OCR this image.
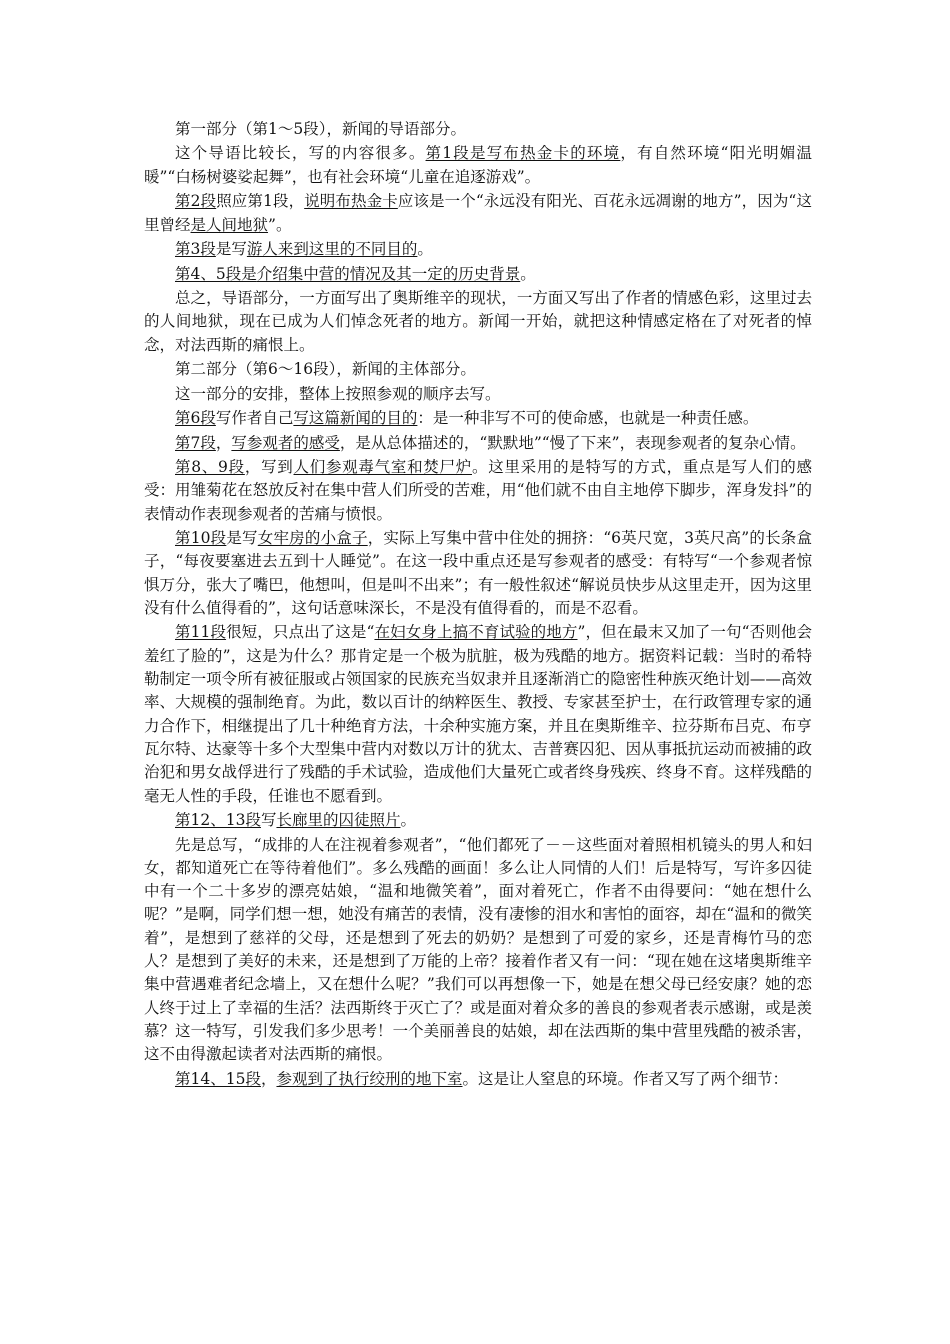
第一部分（第1～5段），新闻的导语部分。

这个导语比较长，写的内容很多。第1段是写布热金卡的环境，有自然环境“阳光明媚温暖”“白杨树婆娑起舞”，也有社会环境“儿童在追逐游戏”。

第2段照应第1段，说明布热金卡应该是一个“永远没有阳光、百花永远凋谢的地方”，因为“这里曾经是人间地狱”。

第3段是写游人来到这里的不同目的。

第4、5段是介绍集中营的情况及其一定的历史背景。

总之，导语部分，一方面写出了奥斯维辛的现状，一方面又写出了作者的情感色彩，这里过去的人间地狱，现在已成为人们悼念死者的地方。新闻一开始，就把这种情感定格在了对死者的悼念，对法西斯的痛恨上。

第二部分（第6～16段），新闻的主体部分。

这一部分的安排，整体上按照参观的顺序去写。

第6段写作者自己写这篇新闻的目的：是一种非写不可的使命感，也就是一种责任感。

第7段，写参观者的感受，是从总体描述的，“默默地”“慢了下来”，表现参观者的复杂心情。

第8、9段，写到人们参观毒气室和焚尸炉。这里采用的是特写的方式，重点是写人们的感受：用雏菊花在怒放反衬在集中营人们所受的苦难，用“他们就不由自主地停下脚步，浑身发抖”的表情动作表现参观者的苦痛与愤恨。

第10段是写女牢房的小盒子，实际上写集中营中住处的拥挤：“6英尺宽，3英尺高”的长条盒子，“每夜要塞进去五到十人睡觉”。在这一段中重点还是写参观者的感受：有特写“一个参观者惊惧万分，张大了嘴巴，他想叫，但是叫不出来”；有一般性叙述“解说员快步从这里走开，因为这里没有什么值得看的”，这句话意味深长，不是没有值得看的，而是不忍看。

第11段很短，只点出了这是“在妇女身上搞不育试验的地方”，但在最末又加了一句“否则他会羞红了脸的”，这是为什么？那肯定是一个极为肮脏，极为残酷的地方。据资料记载：当时的希特勒制定一项令所有被征服或占领国家的民族充当奴隶并且逐渐消亡的隐密性种族灭绝计划——高效率、大规模的强制绝育。为此，数以百计的纳粹医生、教授、专家甚至护士，在行政管理专家的通力合作下，相继提出了几十种绝育方法，十余种实施方案，并且在奥斯维辛、拉芬斯布吕克、布亨瓦尔特、达豪等十多个大型集中营内对数以万计的犹太、吉普赛囚犯、因从事抵抗运动而被捕的政治犯和男女战俘进行了残酷的手术试验，造成他们大量死亡或者终身残疾、终身不育。这样残酷的毫无人性的手段，任谁也不愿看到。

第12、13段写长廊里的囚徒照片。

先是总写，“成排的人在注视着参观者”，“他们都死了－－这些面对着照相机镜头的男人和妇女，都知道死亡在等待着他们”。多么残酷的画面！多么让人同情的人们！后是特写，写许多囚徒中有一个二十多岁的漂亮姑娘，“温和地微笑着”，面对着死亡，作者不由得要问：“她在想什么呢？”是啊，同学们想一想，她没有痛苦的表情，没有凄惨的泪水和害怕的面容，却在“温和的微笑着”，是想到了慈祥的父母，还是想到了死去的奶奶？是想到了可爱的家乡，还是青梅竹马的恋人？是想到了美好的未来，还是想到了万能的上帝？接着作者又有一问：“现在她在这堵奥斯维辛集中营遇难者纪念墙上，又在想什么呢？”我们可以再想像一下，她是在想父母已经安康？她的恋人终于过上了幸福的生活？法西斯终于灭亡了？或是面对着众多的善良的参观者表示感谢，或是羡慕？这一特写，引发我们多少思考！一个美丽善良的姑娘，却在法西斯的集中营里残酷的被杀害，这不由得激起读者对法西斯的痛恨。

第14、15段，参观到了执行绞刑的地下室。这是让人窒息的环境。作者又写了两个细节：
